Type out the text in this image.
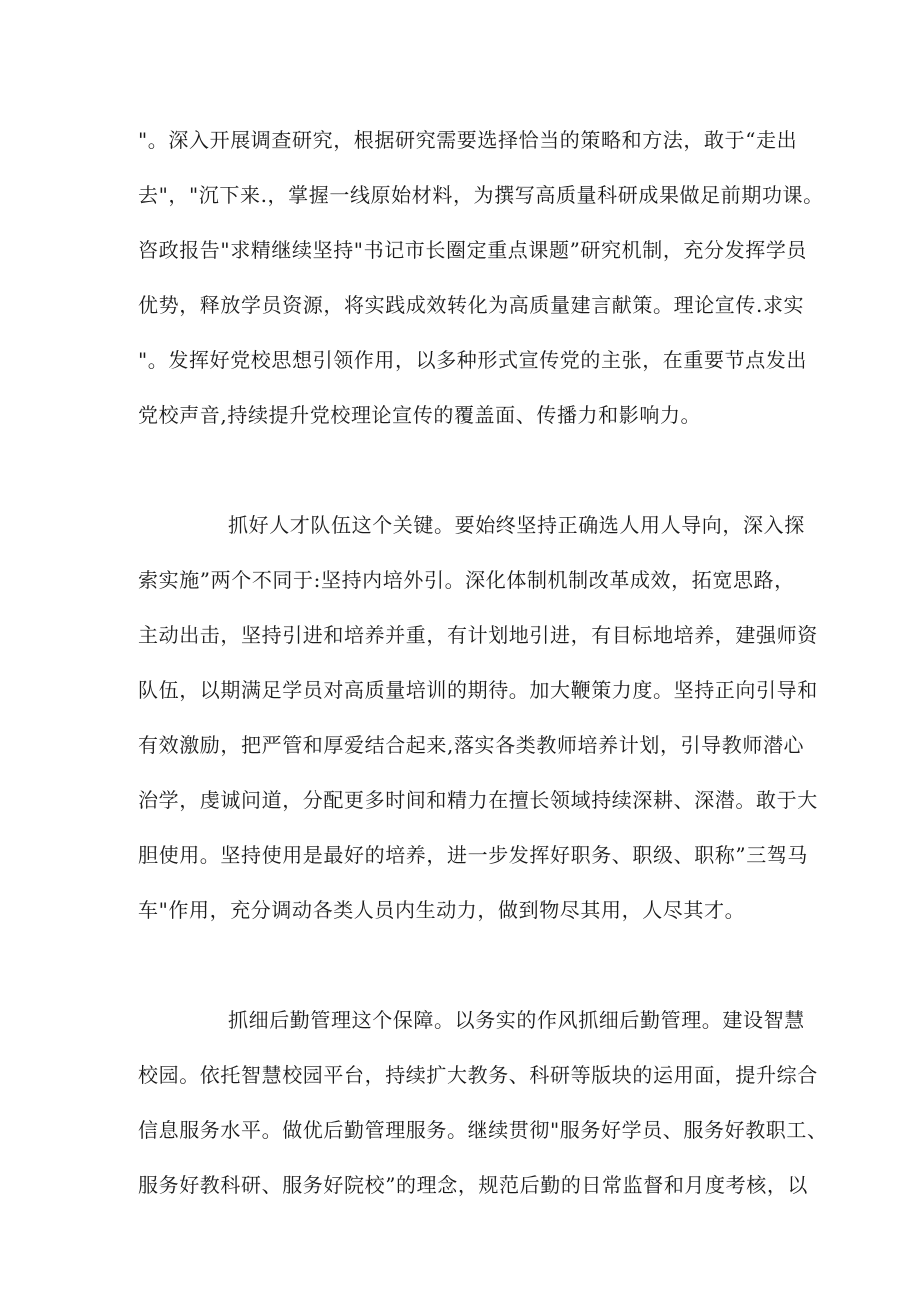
"。深入开展调查研究，根据研究需要选择恰当的策略和方法，敢于“走出
去"，"沉下来.，掌握一线原始材料，为撰写高质量科研成果做足前期功课。
咨政报告"求精继续坚持"书记市长圈定重点课题”研究机制，充分发挥学员
优势，释放学员资源，将实践成效转化为高质量建言献策。理论宣传.求实
"。发挥好党校思想引领作用，以多种形式宣传党的主张，在重要节点发出
党校声音,持续提升党校理论宣传的覆盖面、传播力和影响力。
抓好人才队伍这个关键。要始终坚持正确选人用人导向，深入探
索实施”两个不同于:坚持内培外引。深化体制机制改革成效，拓宽思路，
主动出击，坚持引进和培养并重，有计划地引进，有目标地培养，建强师资
队伍，以期满足学员对高质量培训的期待。加大鞭策力度。坚持正向引导和
有效激励，把严管和厚爱结合起来,落实各类教师培养计划，引导教师潜心
治学，虔诚问道，分配更多时间和精力在擅长领域持续深耕、深潜。敢于大
胆使用。坚持使用是最好的培养，进一步发挥好职务、职级、职称”三驾马
车"作用，充分调动各类人员内生动力，做到物尽其用，人尽其才。
抓细后勤管理这个保障。以务实的作风抓细后勤管理。建设智慧
校园。依托智慧校园平台，持续扩大教务、科研等版块的运用面，提升综合
信息服务水平。做优后勤管理服务。继续贯彻"服务好学员、服务好教职工、
服务好教科研、服务好院校”的理念，规范后勤的日常监督和月度考核，以
